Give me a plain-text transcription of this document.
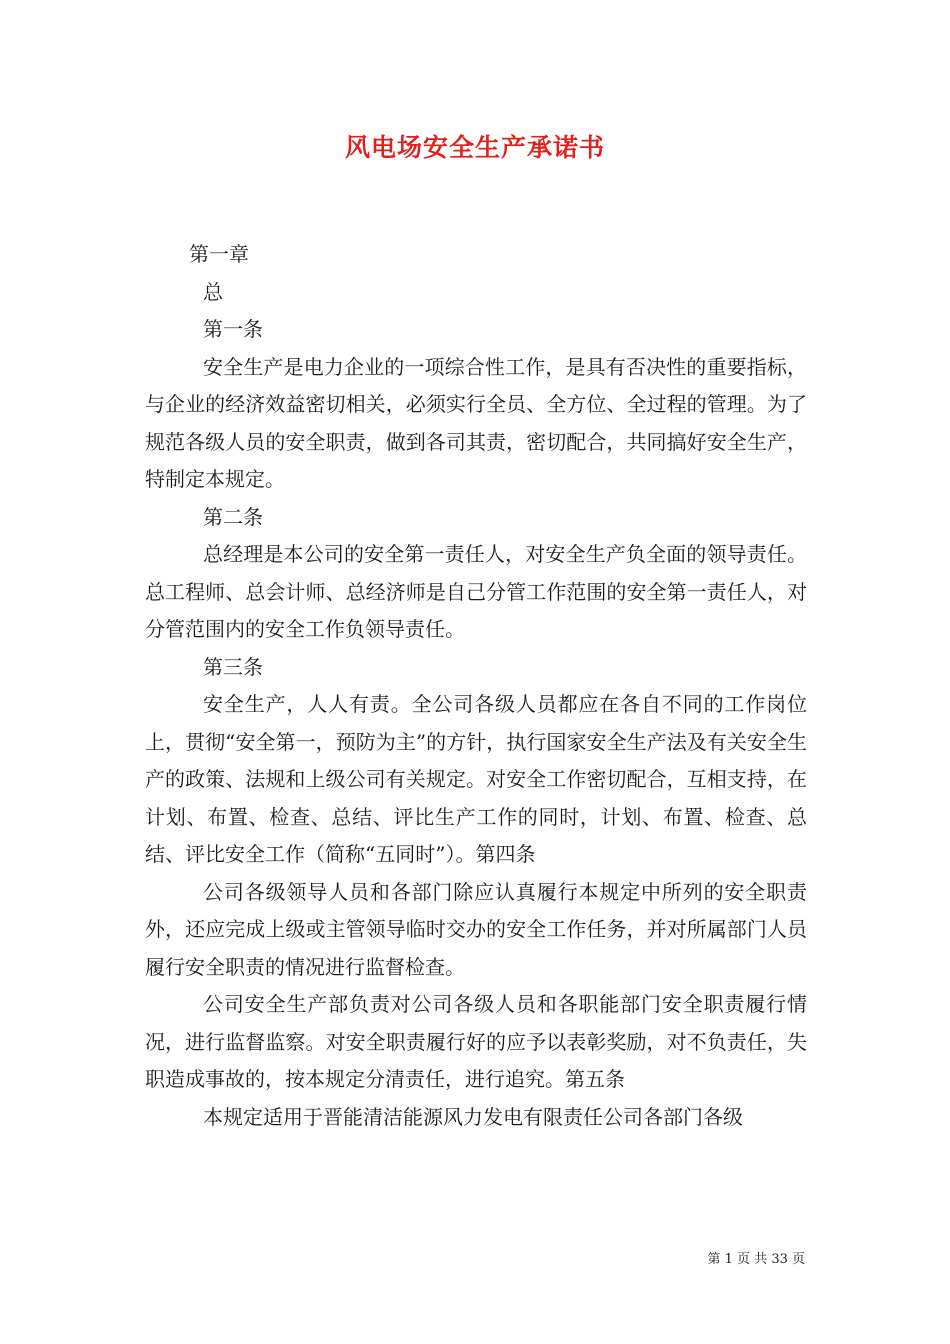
风电场安全生产承诺书
第一章
总
第一条

安全生产是电力企业的一项综合性工作，是具有否决性的重要指标，与企业的经济效益密切相关，必须实行全员、全方位、全过程的管理。为了规范各级人员的安全职责，做到各司其责，密切配合，共同搞好安全生产，特制定本规定。

第二条

总经理是本公司的安全第一责任人，对安全生产负全面的领导责任。总工程师、总会计师、总经济师是自己分管工作范围的安全第一责任人，对分管范围内的安全工作负领导责任。

第三条

安全生产，人人有责。全公司各级人员都应在各自不同的工作岗位上，贯彻“安全第一，预防为主”的方针，执行国家安全生产法及有关安全生产的政策、法规和上级公司有关规定。对安全工作密切配合，互相支持，在计划、布置、检查、总结、评比生产工作的同时，计划、布置、检查、总结、评比安全工作（简称“五同时”）。第四条

公司各级领导人员和各部门除应认真履行本规定中所列的安全职责外，还应完成上级或主管领导临时交办的安全工作任务，并对所属部门人员履行安全职责的情况进行监督检查。

公司安全生产部负责对公司各级人员和各职能部门安全职责履行情况，进行监督监察。对安全职责履行好的应予以表彰奖励，对不负责任，失职造成事故的，按本规定分清责任，进行追究。第五条

本规定适用于晋能清洁能源风力发电有限责任公司各部门各级

第 1 页 共 33 页
